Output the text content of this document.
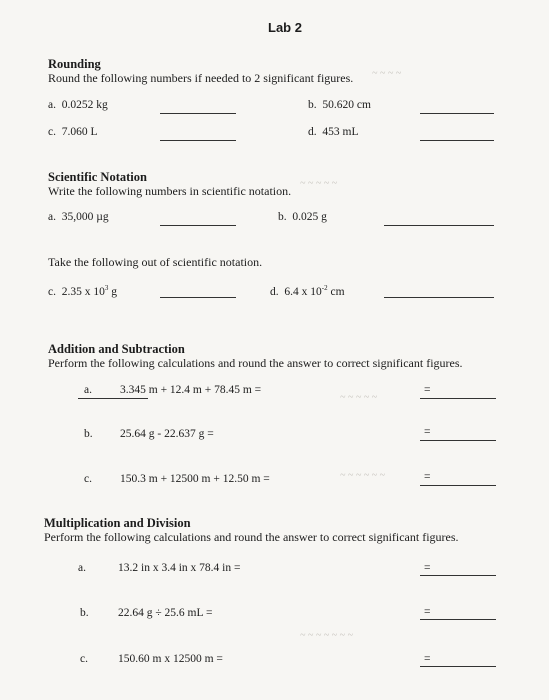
~ ~ ~ ~
~ ~ ~ ~ ~
~ ~ ~ ~ ~
~ ~ ~ ~ ~ ~
~ ~ ~ ~ ~ ~ ~
Lab 2
Rounding
Round the following numbers if needed to 2 significant figures.
a. 0.0252 kg	b. 50.620 cm
c. 7.060 L	d. 453 mL
Scientific Notation
Write the following numbers in scientific notation.
a. 35,000 µg	b. 0.025 g
Take the following out of scientific notation.
c. 2.35 x $10^3$ g	d. 6.4 x $10^{-2}$ cm
Addition and Subtraction
Perform the following calculations and round the answer to correct significant figures.
a. 3.345 m + 12.4 m + 78.45 m =	=
b. 25.64 g - 22.637 g =	=
c. 150.3 m + 12500 m + 12.50 m =	=
Multiplication and Division
Perform the following calculations and round the answer to correct significant figures.
a.	13.2 in x 3.4 in x 78.4 in =	=
b.	22.64 g ÷ 25.6 mL =	=
c.	150.60 m x 12500 m =	=
